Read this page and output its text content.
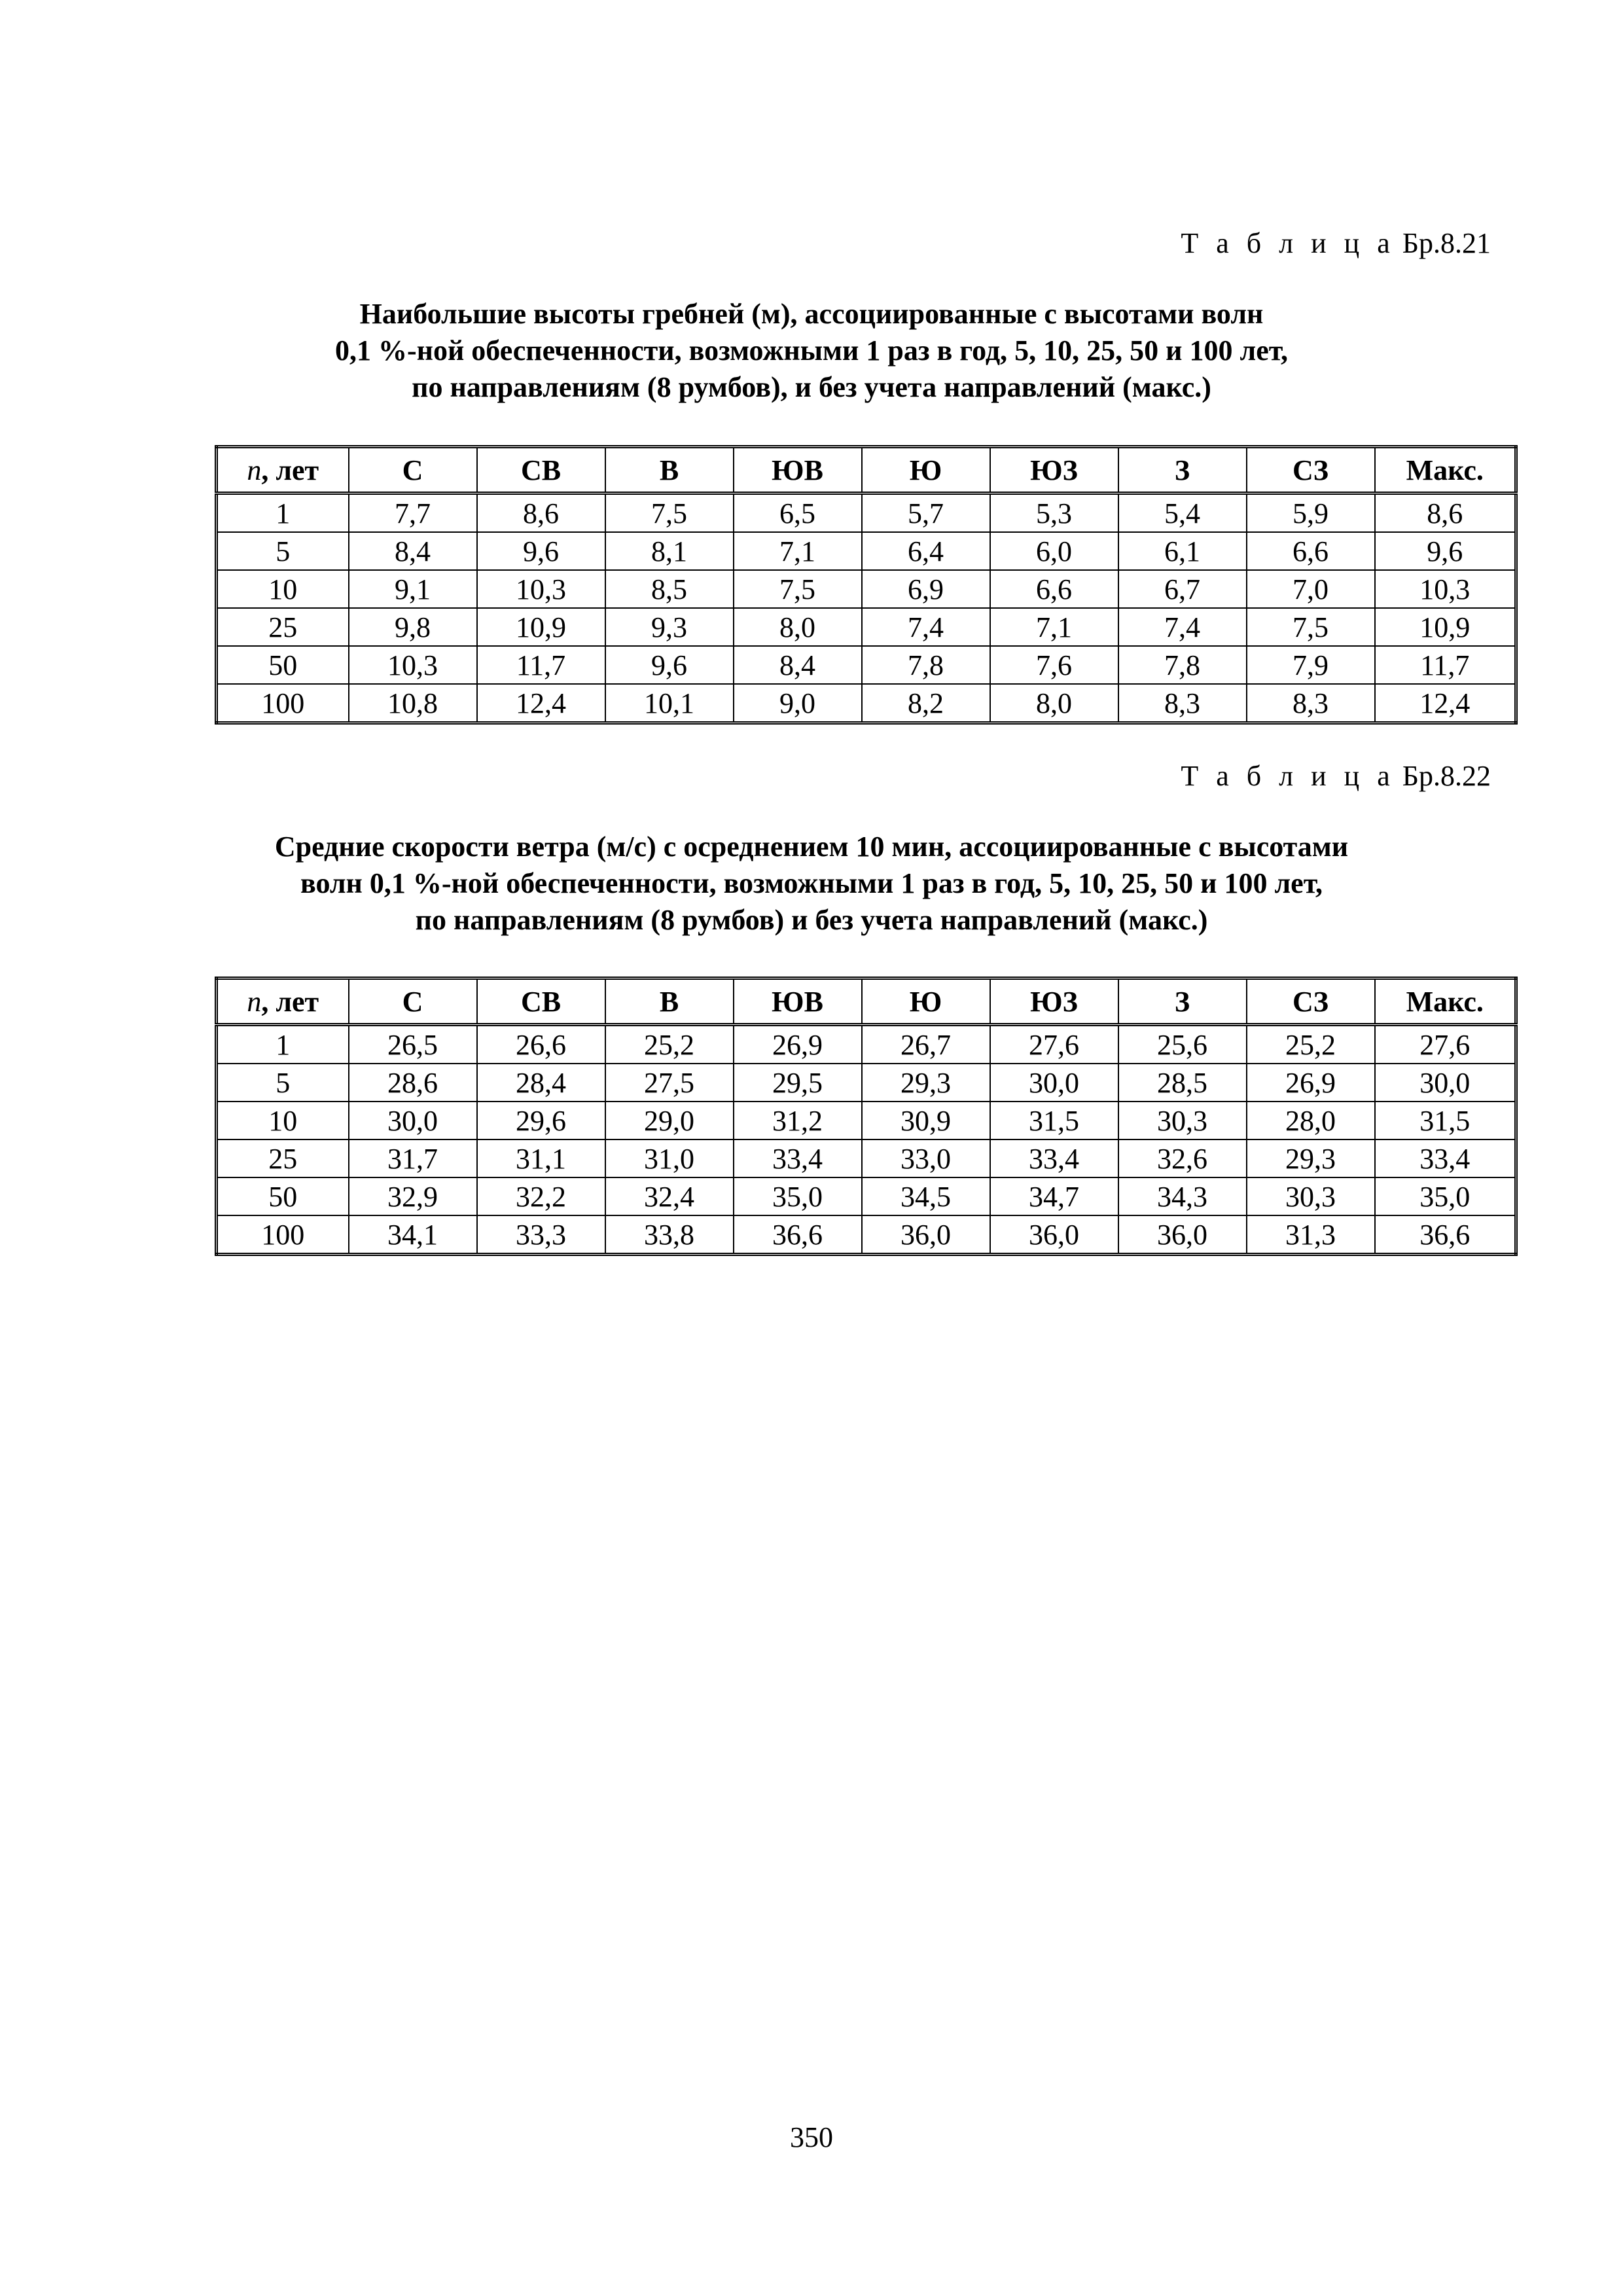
Т а б л и ц а Бр.8.21
Наибольшие высоты гребней (м), ассоциированные с высотами волн
0,1 %-ной обеспеченности, возможными 1 раз в год, 5, 10, 25, 50 и 100 лет,
по направлениям (8 румбов), и без учета направлений (макс.)
n, лет	С	СВ	В	ЮВ	Ю	ЮЗ	З	СЗ	Макс.
1	7,7	8,6	7,5	6,5	5,7	5,3	5,4	5,9	8,6
5	8,4	9,6	8,1	7,1	6,4	6,0	6,1	6,6	9,6
10	9,1	10,3	8,5	7,5	6,9	6,6	6,7	7,0	10,3
25	9,8	10,9	9,3	8,0	7,4	7,1	7,4	7,5	10,9
50	10,3	11,7	9,6	8,4	7,8	7,6	7,8	7,9	11,7
100	10,8	12,4	10,1	9,0	8,2	8,0	8,3	8,3	12,4
Т а б л и ц а Бр.8.22
Средние скорости ветра (м/с) с осреднением 10 мин, ассоциированные с высотами
волн 0,1 %-ной обеспеченности, возможными 1 раз в год, 5, 10, 25, 50 и 100 лет,
по направлениям (8 румбов) и без учета направлений (макс.)
n, лет	С	СВ	В	ЮВ	Ю	ЮЗ	З	СЗ	Макс.
1	26,5	26,6	25,2	26,9	26,7	27,6	25,6	25,2	27,6
5	28,6	28,4	27,5	29,5	29,3	30,0	28,5	26,9	30,0
10	30,0	29,6	29,0	31,2	30,9	31,5	30,3	28,0	31,5
25	31,7	31,1	31,0	33,4	33,0	33,4	32,6	29,3	33,4
50	32,9	32,2	32,4	35,0	34,5	34,7	34,3	30,3	35,0
100	34,1	33,3	33,8	36,6	36,0	36,0	36,0	31,3	36,6
350
